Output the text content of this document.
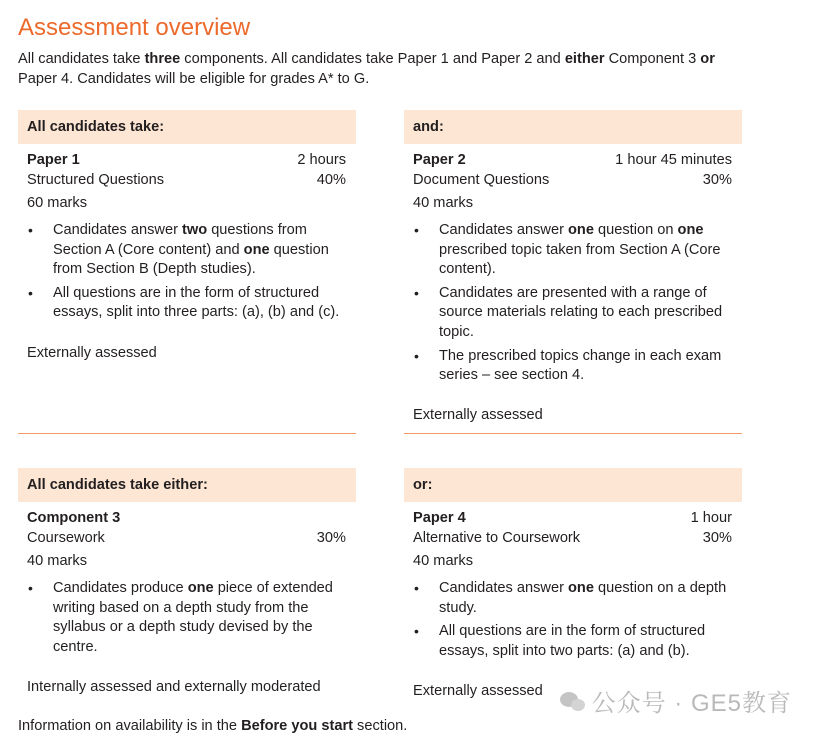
Assessment overview

All candidates take three components. All candidates take Paper 1 and Paper 2 and either Component 3 or Paper 4. Candidates will be eligible for grades A* to G.

All candidates take:
Paper 1	2 hours
Structured Questions	40%
60 marks
• Candidates answer two questions from Section A (Core content) and one question from Section B (Depth studies).
• All questions are in the form of structured essays, split into three parts: (a), (b) and (c).
Externally assessed
and:
Paper 2	1 hour 45 minutes
Document Questions	30%
40 marks
• Candidates answer one question on one prescribed topic taken from Section A (Core content).
• Candidates are presented with a range of source materials relating to each prescribed topic.
• The prescribed topics change in each exam series – see section 4.
Externally assessed
All candidates take either:
Component 3
Coursework	30%
40 marks
• Candidates produce one piece of extended writing based on a depth study from the syllabus or a depth study devised by the centre.
Internally assessed and externally moderated
or:
Paper 4	1 hour
Alternative to Coursework	30%
40 marks
• Candidates answer one question on a depth study.
• All questions are in the form of structured essays, split into two parts: (a) and (b).
Externally assessed

Information on availability is in the Before you start section.

公众号 · GE5教育
